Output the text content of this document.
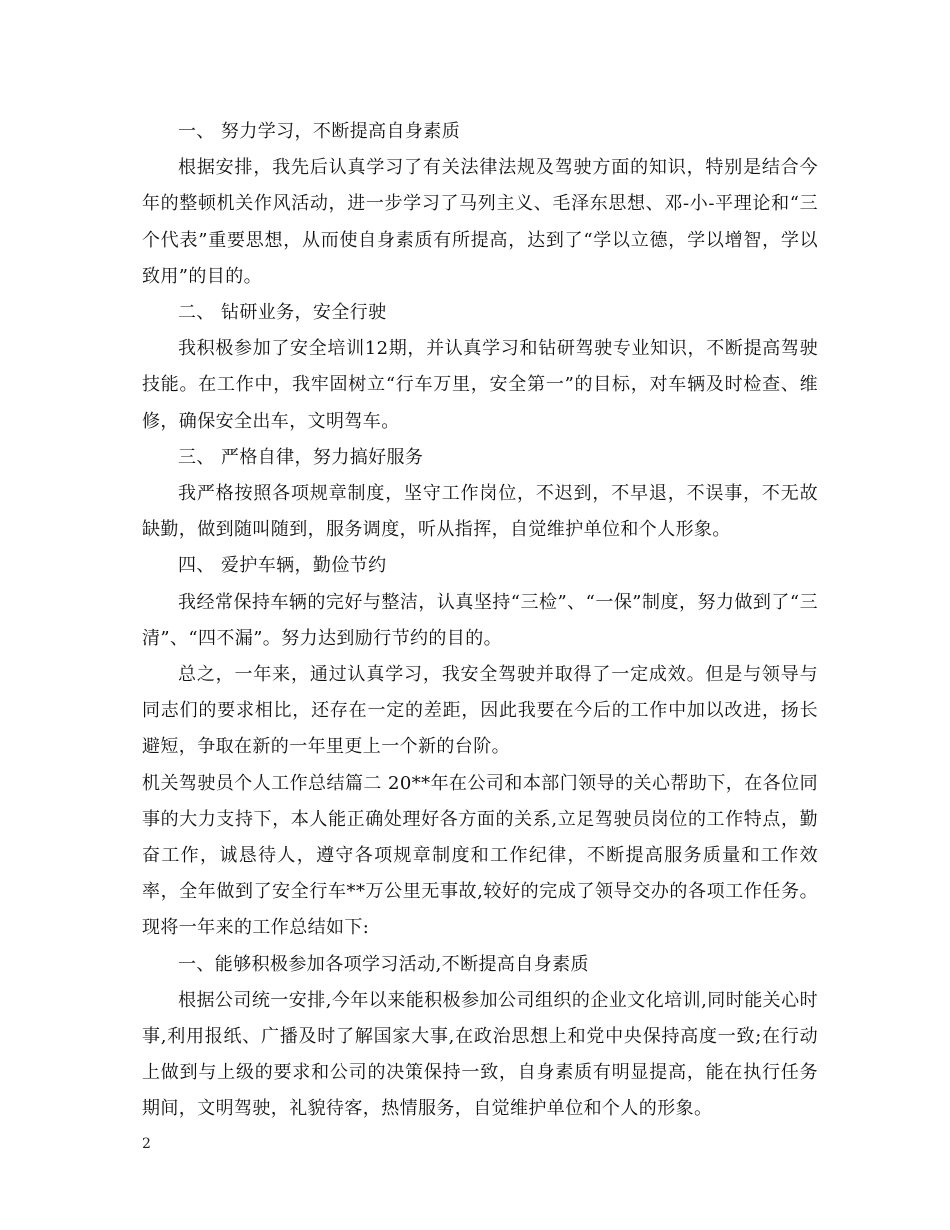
一、 努力学习，不断提高自身素质

根据安排，我先后认真学习了有关法律法规及驾驶方面的知识，特别是结合今年的整顿机关作风活动，进一步学习了马列主义、毛泽东思想、邓-小-平理论和“三个代表”重要思想，从而使自身素质有所提高，达到了“学以立德，学以增智，学以致用”的目的。

二、 钻研业务，安全行驶

我积极参加了安全培训12期，并认真学习和钻研驾驶专业知识，不断提高驾驶技能。在工作中，我牢固树立“行车万里，安全第一”的目标，对车辆及时检查、维修，确保安全出车，文明驾车。

三、 严格自律，努力搞好服务

我严格按照各项规章制度，坚守工作岗位，不迟到，不早退，不误事，不无故缺勤，做到随叫随到，服务调度，听从指挥，自觉维护单位和个人形象。

四、 爱护车辆，勤俭节约

我经常保持车辆的完好与整洁，认真坚持“三检”、“一保”制度，努力做到了“三清”、“四不漏”。努力达到励行节约的目的。

总之，一年来，通过认真学习，我安全驾驶并取得了一定成效。但是与领导与同志们的要求相比，还存在一定的差距，因此我要在今后的工作中加以改进，扬长避短，争取在新的一年里更上一个新的台阶。

机关驾驶员个人工作总结篇二 20**年在公司和本部门领导的关心帮助下，在各位同事的大力支持下，本人能正确处理好各方面的关系,立足驾驶员岗位的工作特点，勤奋工作，诚恳待人，遵守各项规章制度和工作纪律，不断提高服务质量和工作效率，全年做到了安全行车**万公里无事故,较好的完成了领导交办的各项工作任务。现将一年来的工作总结如下:

一、能够积极参加各项学习活动,不断提高自身素质

根据公司统一安排,今年以来能积极参加公司组织的企业文化培训,同时能关心时事,利用报纸、广播及时了解国家大事,在政治思想上和党中央保持高度一致;在行动上做到与上级的要求和公司的决策保持一致，自身素质有明显提高，能在执行任务期间，文明驾驶，礼貌待客，热情服务，自觉维护单位和个人的形象。

2
